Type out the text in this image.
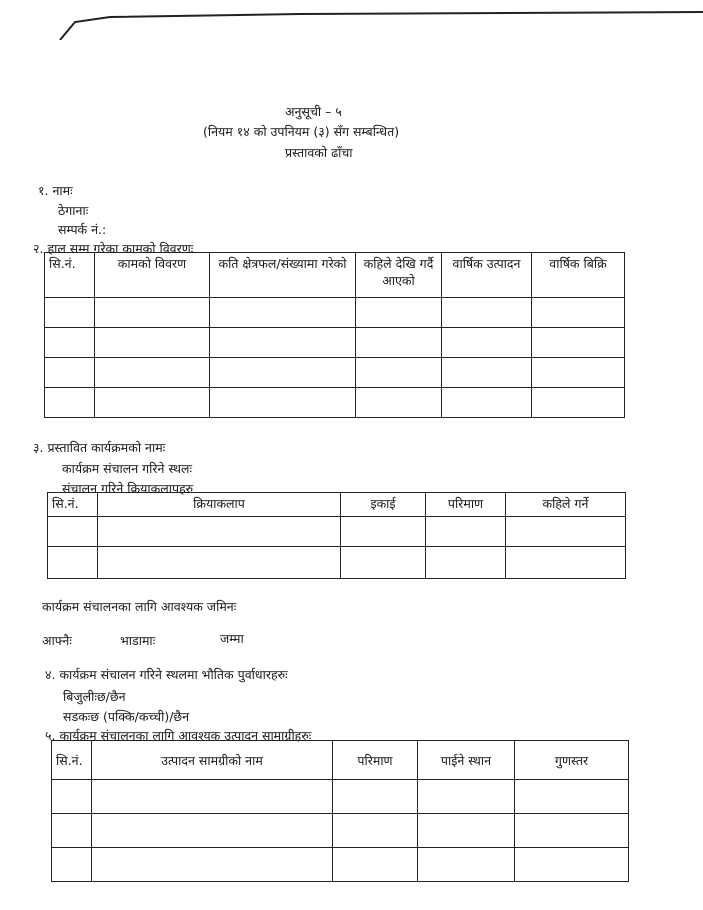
अनुसूची – ५
(नियम १४ को उपनियम (३) सँग सम्बन्धित)
प्रस्तावको ढाँचा
१. नामः
ठेगानाः
सम्पर्क नं.:
२. हाल सम्म गरेका कामको विवरणः
सि.नं.	कामको विवरण	कति क्षेत्रफल/संख्यामा गरेको	कहिले देखि गर्दै आएको	वार्षिक उत्पादन	वार्षिक बिक्रि

३. प्रस्तावित कार्यक्रमको नामः
कार्यक्रम संचालन गरिने स्थलः
संचालन गरिने क्रियाकलापहरु
सि.नं.	क्रियाकलाप	इकाई	परिमाण	कहिले गर्ने

कार्यक्रम संचालनका लागि आवश्यक जमिनः
आफ्नैः	भाडामाः	जम्मा
४. कार्यक्रम संचालन गरिने स्थलमा भौतिक पुर्वाधारहरुः
बिजुलीःछ/छैन
सडकःछ (पक्कि/कच्ची)/छैन
५. कार्यक्रम संचालनका लागि आवश्यक उत्पादन सामाग्रीहरुः
सि.नं.	उत्पादन सामग्रीको नाम	परिमाण	पाईने स्थान	गुणस्तर
